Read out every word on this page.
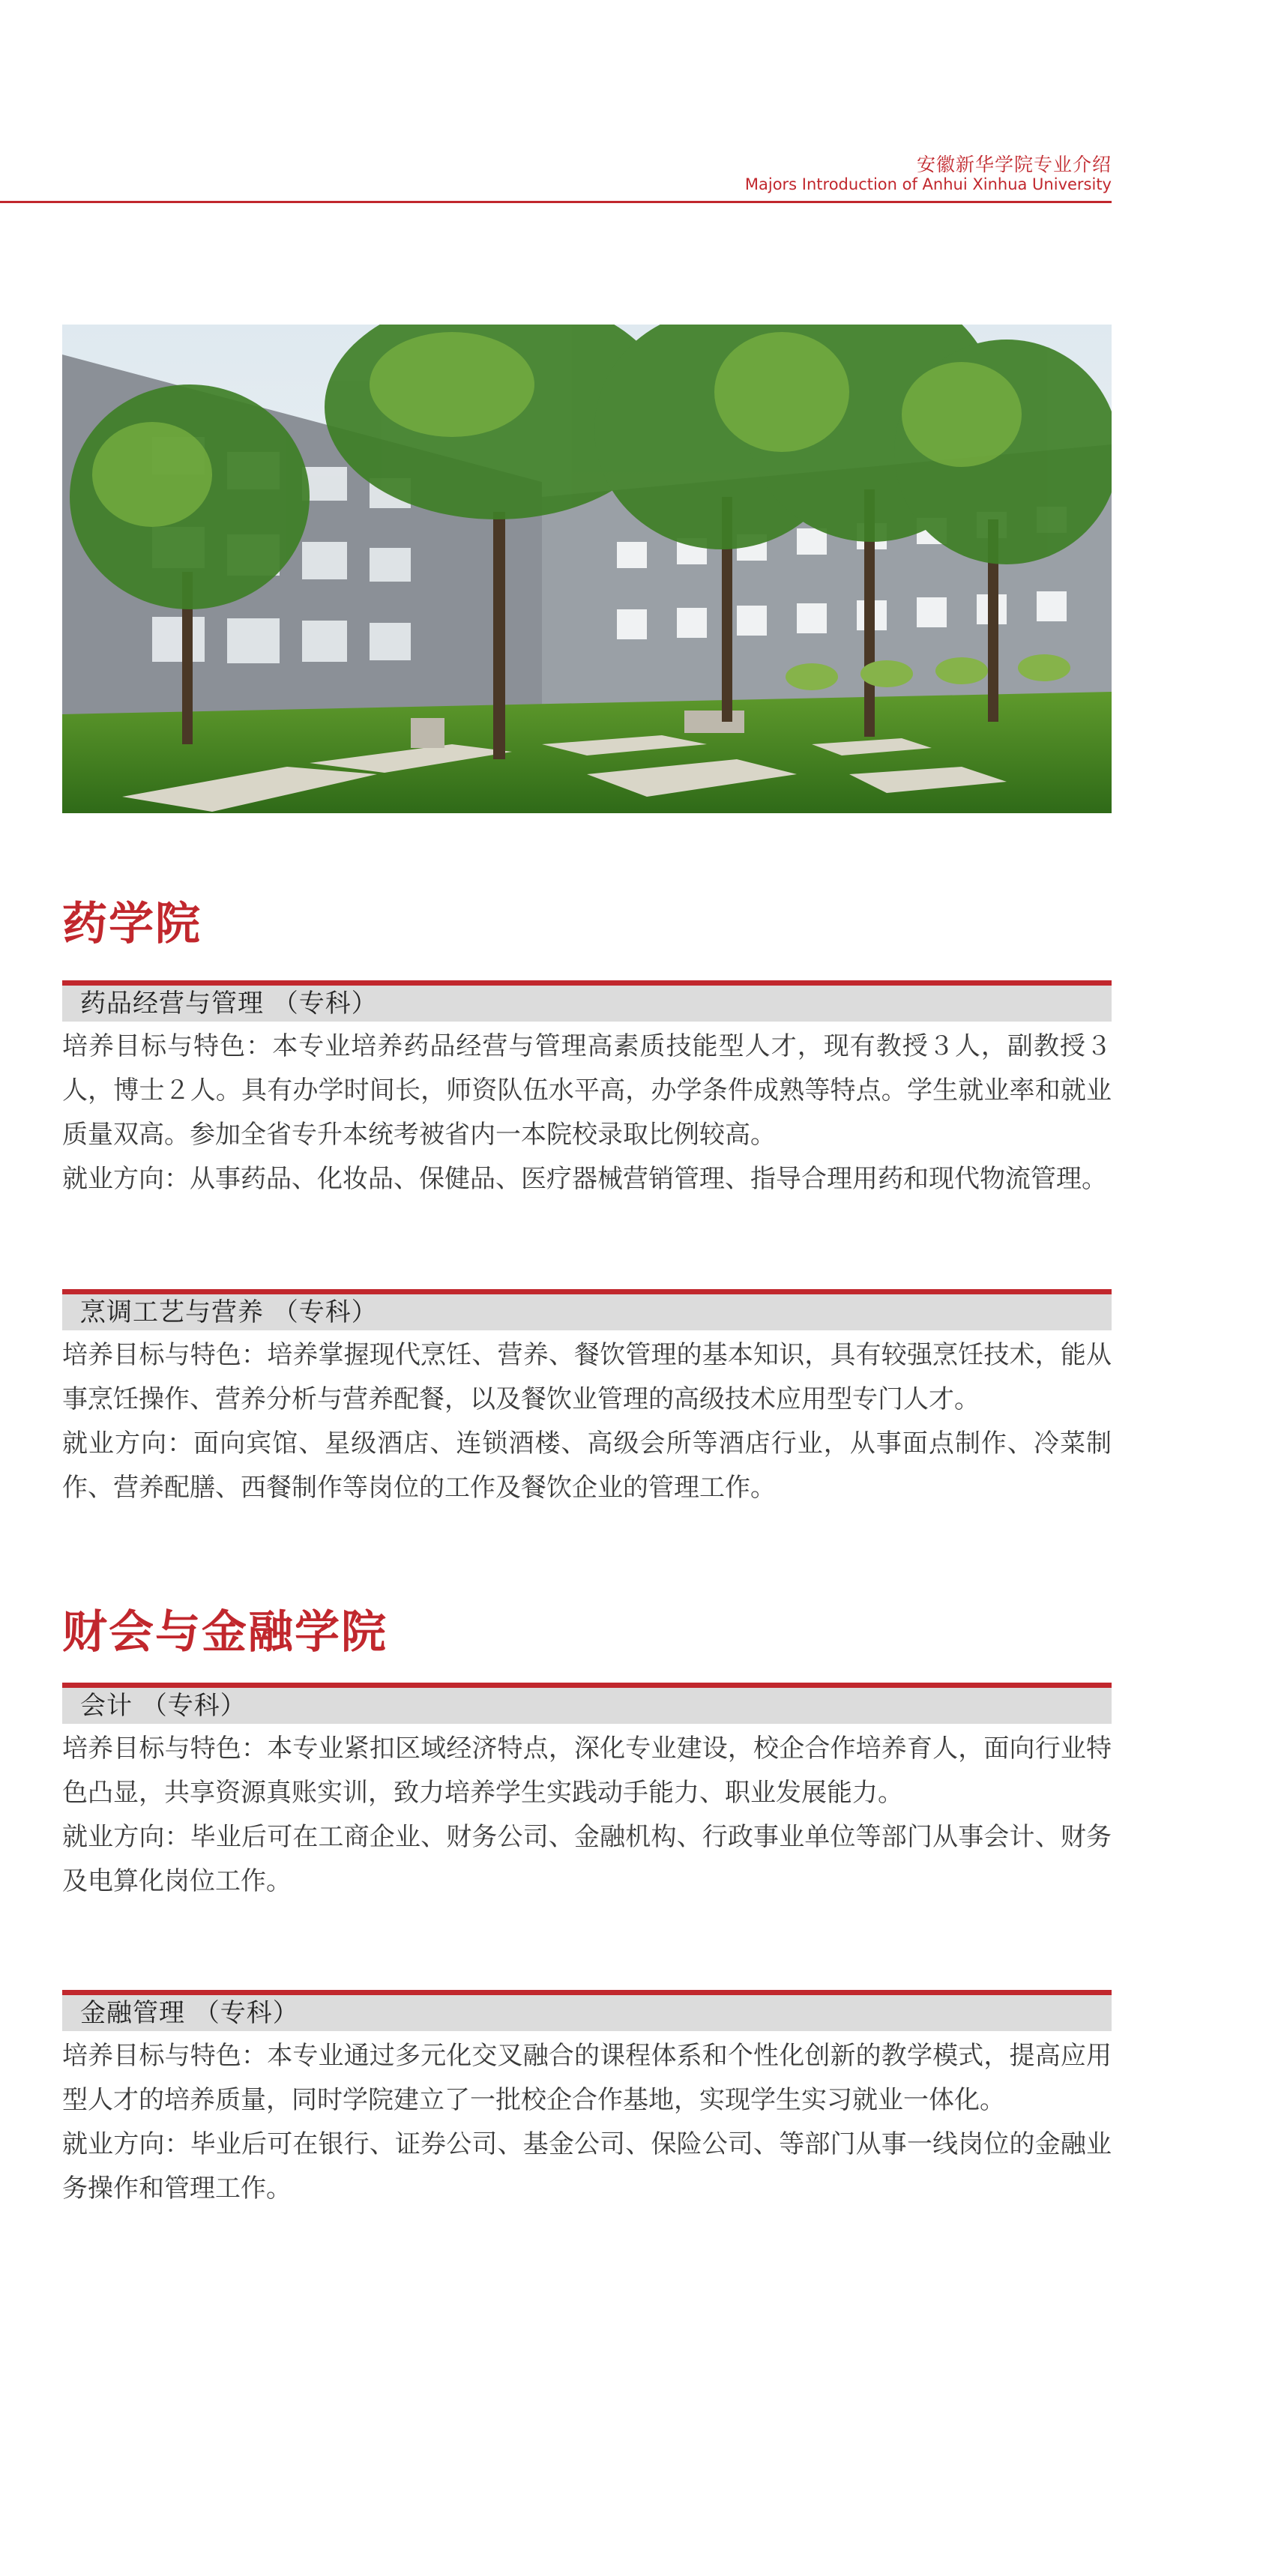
安徽新华学院专业介绍
Majors Introduction of Anhui Xinhua University
药学院
药品经营与管理 （专科）

培养目标与特色：本专业培养药品经营与管理高素质技能型人才，现有教授３人，副教授３人，博士２人。具有办学时间长，师资队伍水平高，办学条件成熟等特点。学生就业率和就业质量双高。参加全省专升本统考被省内一本院校录取比例较高。

就业方向：从事药品、化妆品、保健品、医疗器械营销管理、指导合理用药和现代物流管理。

烹调工艺与营养 （专科）

培养目标与特色：培养掌握现代烹饪、营养、餐饮管理的基本知识，具有较强烹饪技术，能从事烹饪操作、营养分析与营养配餐，以及餐饮业管理的高级技术应用型专门人才。

就业方向：面向宾馆、星级酒店、连锁酒楼、高级会所等酒店行业，从事面点制作、冷菜制作、营养配膳、西餐制作等岗位的工作及餐饮企业的管理工作。

财会与金融学院
会计 （专科）

培养目标与特色：本专业紧扣区域经济特点，深化专业建设，校企合作培养育人，面向行业特色凸显，共享资源真账实训，致力培养学生实践动手能力、职业发展能力。

就业方向：毕业后可在工商企业、财务公司、金融机构、行政事业单位等部门从事会计、财务及电算化岗位工作。

金融管理 （专科）

培养目标与特色：本专业通过多元化交叉融合的课程体系和个性化创新的教学模式，提高应用型人才的培养质量，同时学院建立了一批校企合作基地，实现学生实习就业一体化。

就业方向：毕业后可在银行、证券公司、基金公司、保险公司、等部门从事一线岗位的金融业务操作和管理工作。
